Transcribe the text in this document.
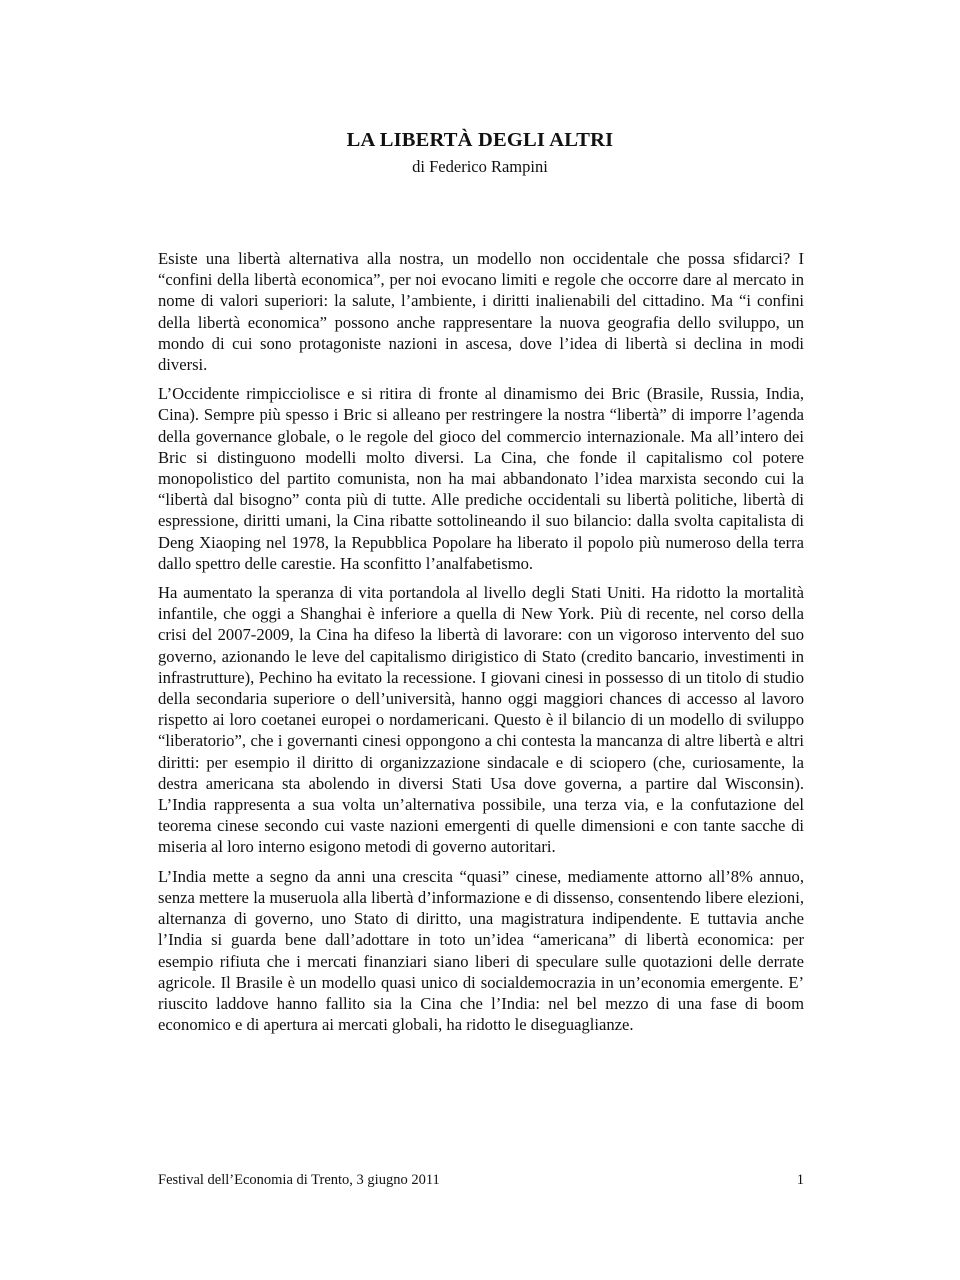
LA LIBERTÀ DEGLI ALTRI
di Federico Rampini

Esiste una libertà alternativa alla nostra, un modello non occidentale che possa sfidarci? I “confini della libertà economica”, per noi evocano limiti e regole che occorre dare al mercato in nome di valori superiori: la salute, l’ambiente, i diritti inalienabili del cittadino. Ma “i confini della libertà economica” possono anche rappresentare la nuova geografia dello sviluppo, un mondo di cui sono protagoniste nazioni in ascesa, dove l’idea di libertà si declina in modi diversi.

L’Occidente rimpicciolisce e si ritira di fronte al dinamismo dei Bric (Brasile, Russia, India, Cina). Sempre più spesso i Bric si alleano per restringere la nostra “libertà” di imporre l’agenda della governance globale, o le regole del gioco del commercio internazionale. Ma all’intero dei Bric si distinguono modelli molto diversi. La Cina, che fonde il capitalismo col potere monopolistico del partito comunista, non ha mai abbandonato l’idea marxista secondo cui la “libertà dal bisogno” conta più di tutte. Alle prediche occidentali su libertà politiche, libertà di espressione, diritti umani, la Cina ribatte sottolineando il suo bilancio: dalla svolta capitalista di Deng Xiaoping nel 1978, la Repubblica Popolare ha liberato il popolo più numeroso della terra dallo spettro delle carestie. Ha sconfitto l’analfabetismo.

Ha aumentato la speranza di vita portandola al livello degli Stati Uniti. Ha ridotto la mortalità infantile, che oggi a Shanghai è inferiore a quella di New York. Più di recente, nel corso della crisi del 2007-2009, la Cina ha difeso la libertà di lavorare: con un vigoroso intervento del suo governo, azionando le leve del capitalismo dirigistico di Stato (credito bancario, investimenti in infrastrutture), Pechino ha evitato la recessione. I giovani cinesi in possesso di un titolo di studio della secondaria superiore o dell’università, hanno oggi maggiori chances di accesso al lavoro rispetto ai loro coetanei europei o nordamericani. Questo è il bilancio di un modello di sviluppo “liberatorio”, che i governanti cinesi oppongono a chi contesta la mancanza di altre libertà e altri diritti: per esempio il diritto di organizzazione sindacale e di sciopero (che, curiosamente, la destra americana sta abolendo in diversi Stati Usa dove governa, a partire dal Wisconsin). L’India rappresenta a sua volta un’alternativa possibile, una terza via, e la confutazione del teorema cinese secondo cui vaste nazioni emergenti di quelle dimensioni e con tante sacche di miseria al loro interno esigono metodi di governo autoritari.

L’India mette a segno da anni una crescita “quasi” cinese, mediamente attorno all’8% annuo, senza mettere la museruola alla libertà d’informazione e di dissenso, consentendo libere elezioni, alternanza di governo, uno Stato di diritto, una magistratura indipendente. E tuttavia anche l’India si guarda bene dall’adottare in toto un’idea “americana” di libertà economica: per esempio rifiuta che i mercati finanziari siano liberi di speculare sulle quotazioni delle derrate agricole. Il Brasile è un modello quasi unico di socialdemocrazia in un’economia emergente. E’ riuscito laddove hanno fallito sia la Cina che l’India: nel bel mezzo di una fase di boom economico e di apertura ai mercati globali, ha ridotto le diseguaglianze.

Festival dell’Economia di Trento, 3 giugno 2011	1
